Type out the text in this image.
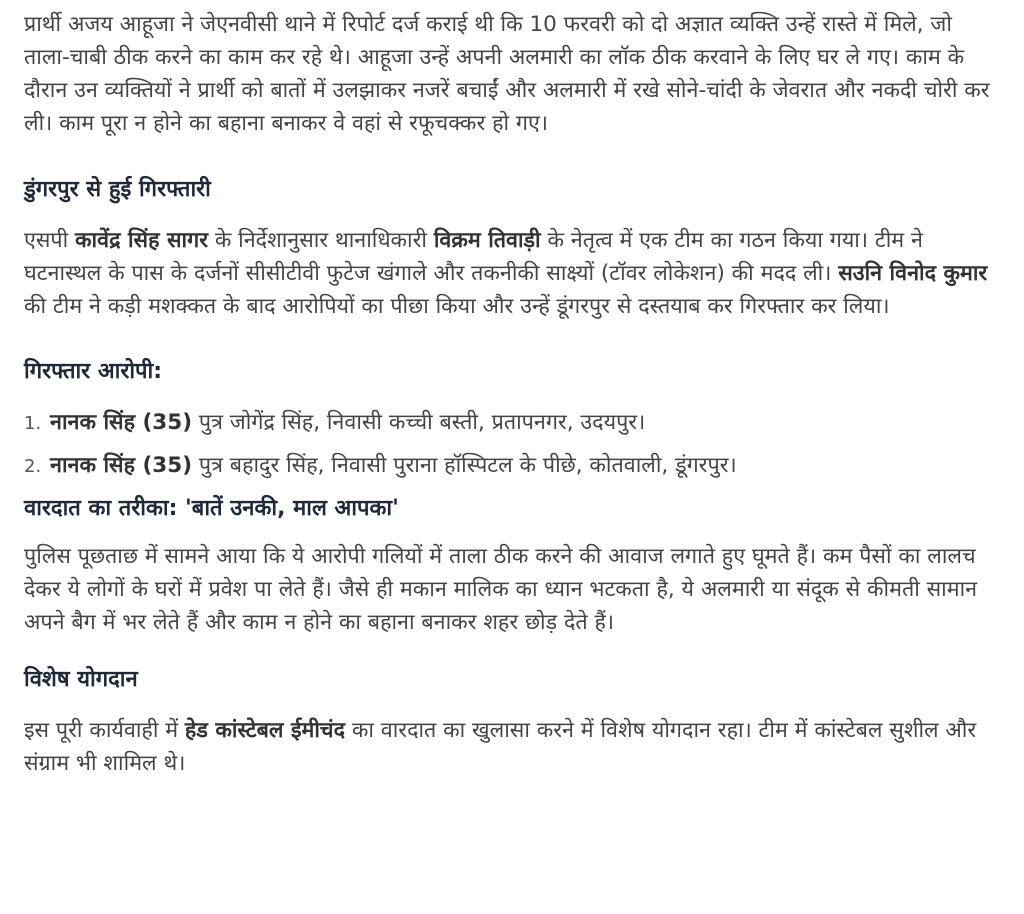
प्रार्थी अजय आहूजा ने जेएनवीसी थाने में रिपोर्ट दर्ज कराई थी कि 10 फरवरी को दो अज्ञात व्यक्ति उन्हें रास्ते में मिले, जो ताला-चाबी ठीक करने का काम कर रहे थे। आहूजा उन्हें अपनी अलमारी का लॉक ठीक करवाने के लिए घर ले गए। काम के दौरान उन व्यक्तियों ने प्रार्थी को बातों में उलझाकर नजरें बचाईं और अलमारी में रखे सोने-चांदी के जेवरात और नकदी चोरी कर ली। काम पूरा न होने का बहाना बनाकर वे वहां से रफूचक्कर हो गए।

डुंगरपुर से हुई गिरफ्तारी

एसपी कावेंद्र सिंह सागर के निर्देशानुसार थानाधिकारी विक्रम तिवाड़ी के नेतृत्व में एक टीम का गठन किया गया। टीम ने घटनास्थल के पास के दर्जनों सीसीटीवी फुटेज खंगाले और तकनीकी साक्ष्यों (टॉवर लोकेशन) की मदद ली। सउनि विनोद कुमार की टीम ने कड़ी मशक्कत के बाद आरोपियों का पीछा किया और उन्हें डूंगरपुर से दस्तयाब कर गिरफ्तार कर लिया।

गिरफ्तार आरोपी:
1. नानक सिंह (35) पुत्र जोगेंद्र सिंह, निवासी कच्ची बस्ती, प्रतापनगर, उदयपुर।
2. नानक सिंह (35) पुत्र बहादुर सिंह, निवासी पुराना हॉस्पिटल के पीछे, कोतवाली, डूंगरपुर।
वारदात का तरीका: 'बातें उनकी, माल आपका'

पुलिस पूछताछ में सामने आया कि ये आरोपी गलियों में ताला ठीक करने की आवाज लगाते हुए घूमते हैं। कम पैसों का लालच देकर ये लोगों के घरों में प्रवेश पा लेते हैं। जैसे ही मकान मालिक का ध्यान भटकता है, ये अलमारी या संदूक से कीमती सामान अपने बैग में भर लेते हैं और काम न होने का बहाना बनाकर शहर छोड़ देते हैं।

विशेष योगदान

इस पूरी कार्यवाही में हेड कांस्टेबल ईमीचंद का वारदात का खुलासा करने में विशेष योगदान रहा। टीम में कांस्टेबल सुशील और संग्राम भी शामिल थे।
